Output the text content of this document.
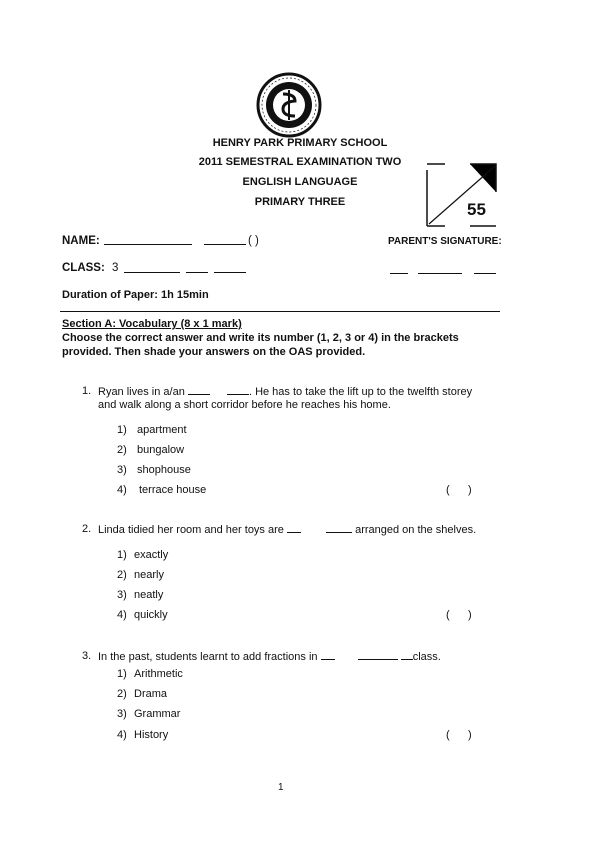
HENRY PARK PRIMARY SCHOOL
2011 SEMESTRAL EXAMINATION TWO
ENGLISH LANGUAGE
PRIMARY THREE	55
NAME:	( )	PARENT'S SIGNATURE:
CLASS: 3
Duration of Paper: 1h 15min
Section A: Vocabulary (8 x 1 mark)
Choose the correct answer and write its number (1, 2, 3 or 4) in the brackets provided. Then shade your answers on the OAS provided.
1. Ryan lives in a/an	. He has to take the lift up to the twelfth storey
and walk along a short corridor before he reaches his home.
1) apartment
2) bungalow
3) shophouse
4) terrace house	(      )
2. Linda tidied her room and her toys are	arranged on the shelves.
1) exactly
2) nearly
3) neatly
4) quickly	(      )
3. In the past, students learnt to add fractions in	class.
1) Arithmetic
2) Drama
3) Grammar
4) History	(      )
1
